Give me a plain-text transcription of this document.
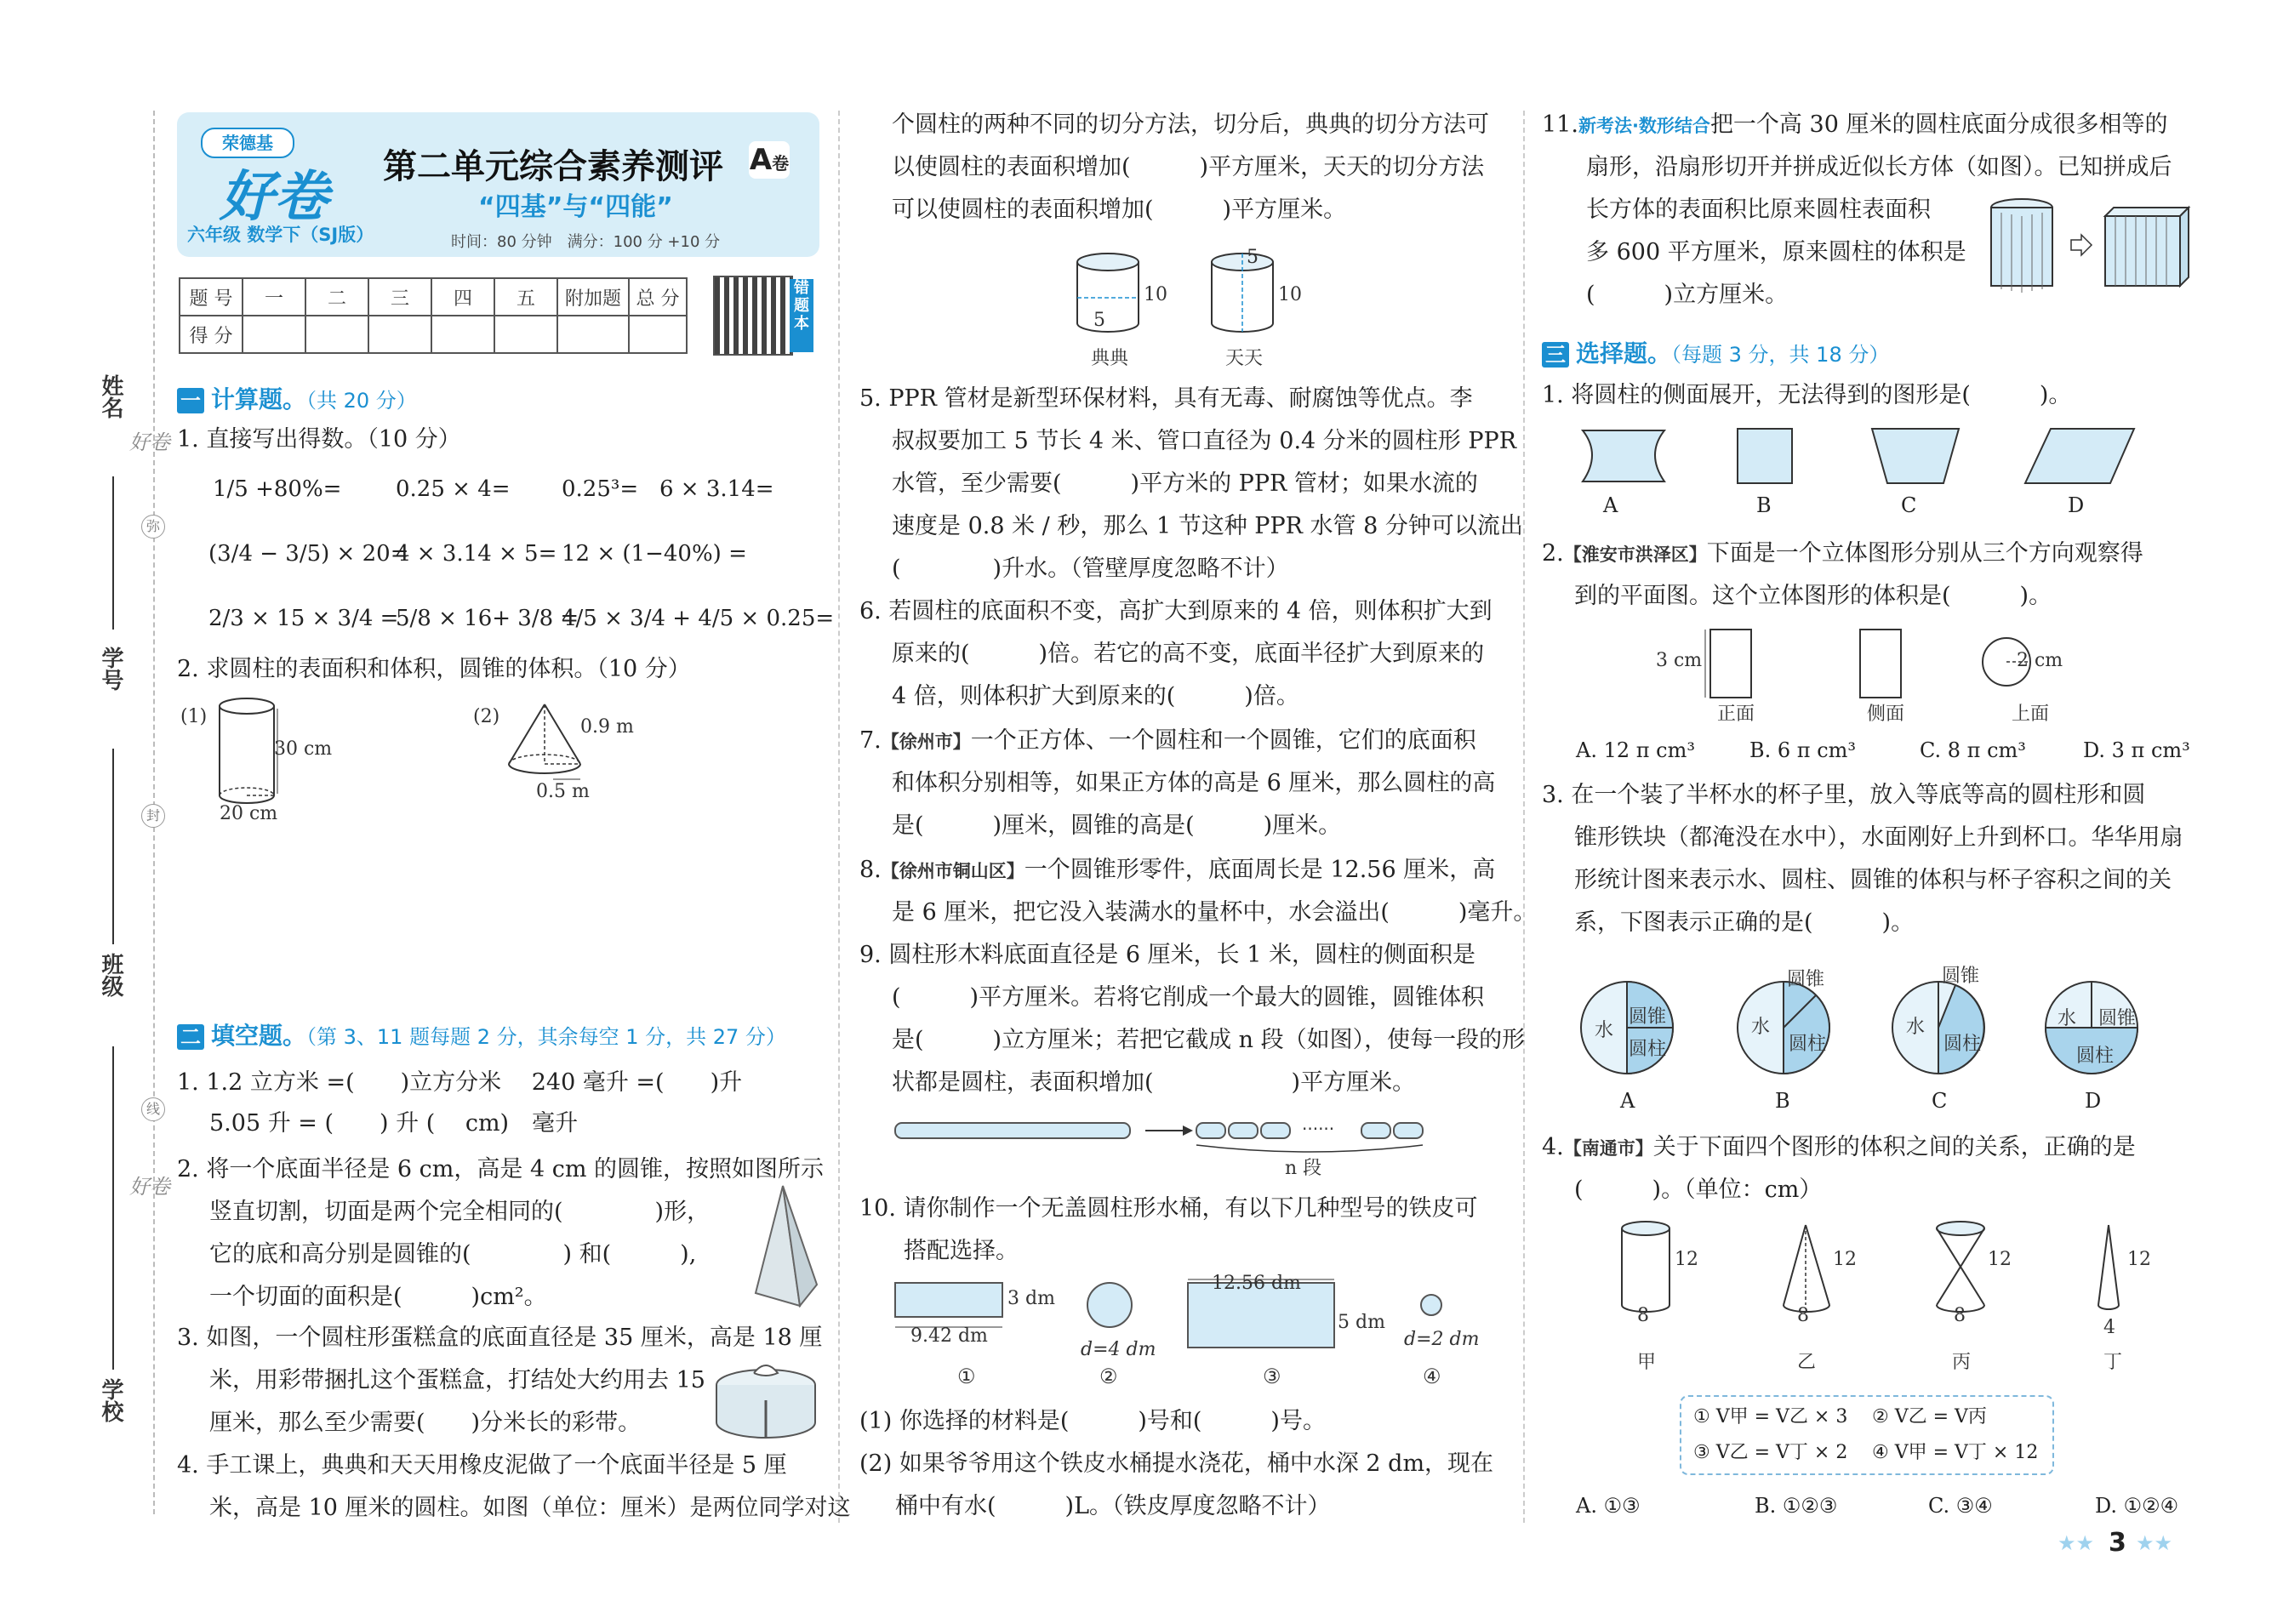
姓名
学号
班级
学校
好卷
弥
封
线
好卷
荣德基
好卷
六年级 数学下（SJ版）
第二单元综合素养测评 A卷
“四基”与“四能”
时间：80 分钟　满分：100 分 +10 分
题 号	一	二	三	四	五	附加题	总 分
得 分							
错题本
一 计算题。（共 20 分）
1. 直接写出得数。（10 分）
1/5 +80%= 0.25 × 4= 0.25³= 6 × 3.14=
(3/4 − 3/5) × 20=
4 × 3.14 × 5= 12 × (1−40%) =
2/3 × 15 × 3/4 =
5/8 × 16+ 3/8 =
4/5 × 3/4 + 4/5 × 0.25=
2. 求圆柱的表面积和体积，圆锥的体积。（10 分）
(1)
30 cm
20 cm
(2)	0.9 m
0.5 m
二 填空题。（第 3、11 题每题 2 分，其余每空 1 分，共 27 分）
1. 1.2 立方米 =(　　)立方分米　 240 毫升 =(　　)升
5.05 升 = (　　) 升 (　 cm)　毫升
2. 将一个底面半径是 6 cm，高是 4 cm 的圆锥，按照如图所示
竖直切割，切面是两个完全相同的(　　　　)形，
它的底和高分别是圆锥的(　　　　) 和(　　　),
一个切面的面积是(　　　)cm²。
3. 如图，一个圆柱形蛋糕盒的底面直径是 35 厘米，高是 18 厘
米，用彩带捆扎这个蛋糕盒，打结处大约用去 15
厘米，那么至少需要(　　)分米长的彩带。
4. 手工课上，典典和天天用橡皮泥做了一个底面半径是 5 厘
米，高是 10 厘米的圆柱。如图（单位：厘米）是两位同学对这
个圆柱的两种不同的切分方法，切分后，典典的切分方法可
以使圆柱的表面积增加(　　　)平方厘米，天天的切分方法
可以使圆柱的表面积增加(　　　)平方厘米。
10
5
10
5
典典	天天
5. PPR 管材是新型环保材料，具有无毒、耐腐蚀等优点。李
叔叔要加工 5 节长 4 米、管口直径为 0.4 分米的圆柱形 PPR
水管，至少需要(　　　)平方米的 PPR 管材；如果水流的
速度是 0.8 米 / 秒，那么 1 节这种 PPR 水管 8 分钟可以流出
(　　　　)升水。（管壁厚度忽略不计）
6. 若圆柱的底面积不变，高扩大到原来的 4 倍，则体积扩大到
原来的(　　　)倍。若它的高不变，底面半径扩大到原来的
4 倍，则体积扩大到原来的(　　　)倍。
7.【徐州市】一个正方体、一个圆柱和一个圆锥，它们的底面积
和体积分别相等，如果正方体的高是 6 厘米，那么圆柱的高
是(　　　)厘米，圆锥的高是(　　　)厘米。
8.【徐州市铜山区】一个圆锥形零件，底面周长是 12.56 厘米，高
是 6 厘米，把它没入装满水的量杯中，水会溢出(　　　)毫升。
9. 圆柱形木料底面直径是 6 厘米，长 1 米，圆柱的侧面积是
(　　　)平方厘米。若将它削成一个最大的圆锥，圆锥体积
是(　　　)立方厘米；若把它截成 n 段（如图），使每一段的形
状都是圆柱，表面积增加(　　　　　　)平方厘米。
······
n 段
10. 请你制作一个无盖圆柱形水桶，有以下几种型号的铁皮可
搭配选择。
3 dm
9.42 dm
d=4 dm
12.56 dm
5 dm
d=2 dm
①	②	③	④
(1) 你选择的材料是(　　　)号和(　　　)号。
(2) 如果爷爷用这个铁皮水桶提水浇花，桶中水深 2 dm，现在
桶中有水(　　　)L。（铁皮厚度忽略不计）
11.新考法·数形结合把一个高 30 厘米的圆柱底面分成很多相等的
扇形，沿扇形切开并拼成近似长方体（如图）。已知拼成后
长方体的表面积比原来圆柱表面积
多 600 平方厘米，原来圆柱的体积是
(　　　)立方厘米。
三 选择题。（每题 3 分，共 18 分）
1. 将圆柱的侧面展开，无法得到的图形是(　　　)。
A	B	C	D
2.【淮安市洪泽区】下面是一个立体图形分别从三个方向观察得
到的平面图。这个立体图形的体积是(　　　)。
3 cm	2 cm
正面	侧面	上面
A. 12 π cm³	B. 6 π cm³	C. 8 π cm³	D. 3 π cm³
3. 在一个装了半杯水的杯子里，放入等底等高的圆柱形和圆
锥形铁块（都淹没在水中），水面刚好上升到杯口。华华用扇
形统计图来表示水、圆柱、圆锥的体积与杯子容积之间的关
系，下图表示正确的是(　　　)。
水
圆锥
圆柱
水
圆锥
圆柱
水
圆锥
圆柱
水 圆锥
圆柱
A	B	C	D
4.【南通市】关于下面四个图形的体积之间的关系，正确的是
(　　　)。（单位：cm）
12
8
12
8
12
8
12
4
甲	乙	丙	丁
① V甲 = V乙 × 3 ② V乙 = V丙
③ V乙 = V丁 × 2 ④ V甲 = V丁 × 12
A. ①③	B. ①②③	C. ③④	D. ①②④
★★ 3 ★★
